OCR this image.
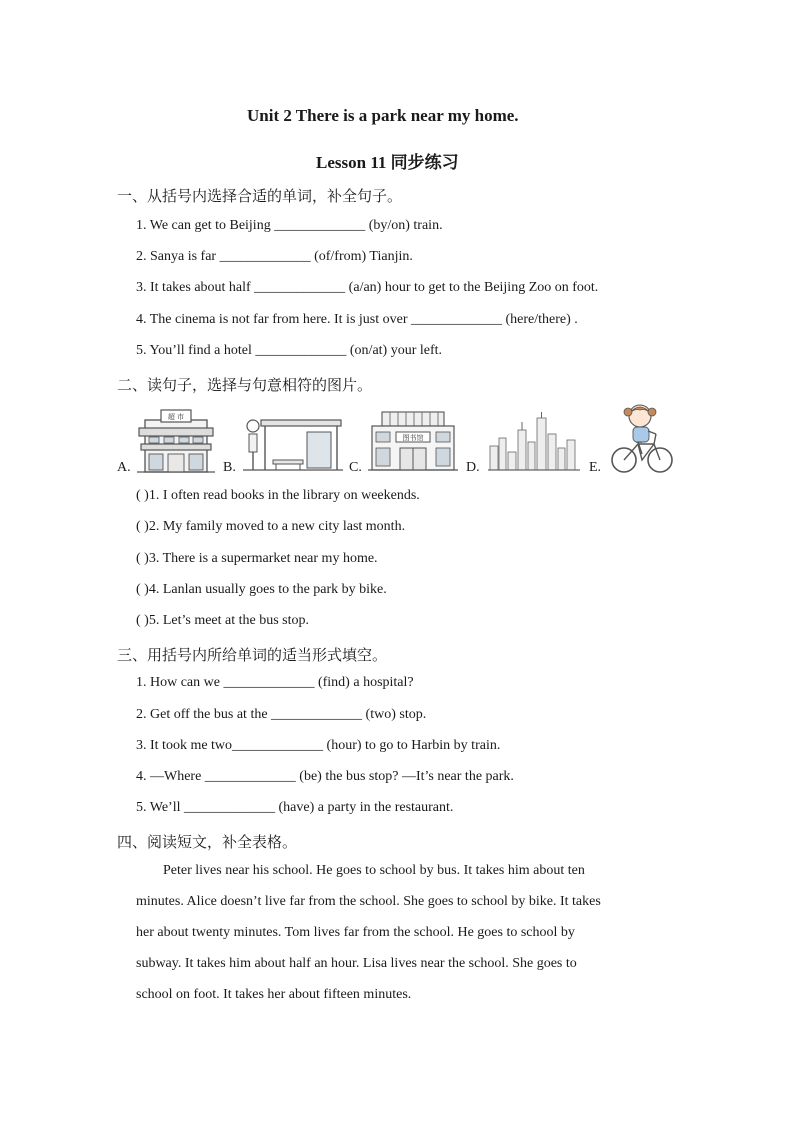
Unit 2 There is a park near my home.
Lesson 11 同步练习
一、从括号内选择合适的单词，补全句子。
1. We can get to Beijing _____________ (by/on) train.
2. Sanya is far _____________ (of/from) Tianjin.
3. It takes about half _____________ (a/an) hour to get to the Beijing Zoo on foot.
4. The cinema is not far from here. It is just over _____________ (here/there) .
5. You’ll find a hotel _____________ (on/at) your left.
二、读句子，选择与句意相符的图片。
A.
超 市
B.	C.
图书馆
D.	E.
( )1. I often read books in the library on weekends.
( )2. My family moved to a new city last month.
( )3. There is a supermarket near my home.
( )4. Lanlan usually goes to the park by bike.
( )5. Let’s meet at the bus stop.
三、用括号内所给单词的适当形式填空。
1. How can we _____________ (find) a hospital?
2. Get off the bus at the _____________ (two) stop.
3. It took me two_____________ (hour) to go to Harbin by train.
4. —Where _____________ (be) the bus stop? —It’s near the park.
5. We’ll _____________ (have) a party in the restaurant.
四、阅读短文，补全表格。
Peter lives near his school. He goes to school by bus. It takes him about ten
minutes. Alice doesn’t live far from the school. She goes to school by bike. It takes
her about twenty minutes. Tom lives far from the school. He goes to school by
subway. It takes him about half an hour. Lisa lives near the school. She goes to
school on foot. It takes her about fifteen minutes.
